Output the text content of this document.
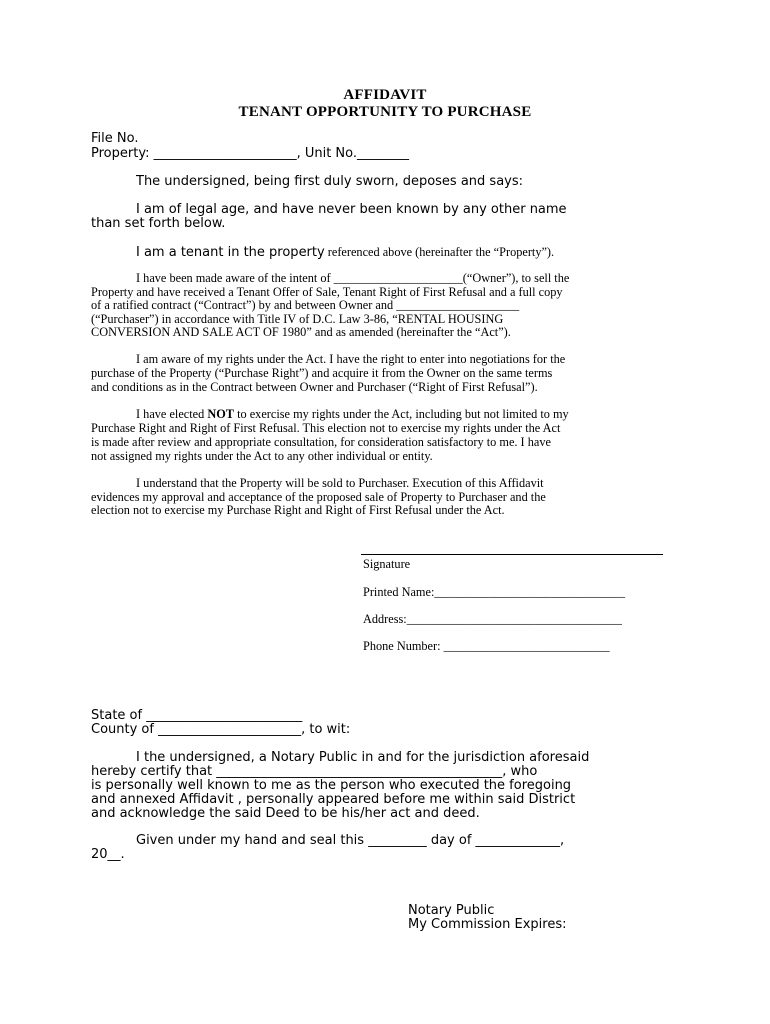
AFFIDAVIT
TENANT OPPORTUNITY TO PURCHASE
File No.
Property: ______________________, Unit No.________
The undersigned, being first duly sworn, deposes and says:
I am of legal age, and have never been known by any other name
than set forth below.
I am a tenant in the property referenced above (hereinafter the “Property”).
I have been made aware of the intent of _____________________(“Owner”), to sell the
Property and have received a Tenant Offer of Sale, Tenant Right of First Refusal and a full copy
of a ratified contract (“Contract”) by and between Owner and ____________________
(“Purchaser”) in accordance with Title IV of D.C. Law 3-86, “RENTAL HOUSING
CONVERSION AND SALE ACT OF 1980” and as amended (hereinafter the “Act”).
I am aware of my rights under the Act. I have the right to enter into negotiations for the
purchase of the Property (“Purchase Right”) and acquire it from the Owner on the same terms
and conditions as in the Contract between Owner and Purchaser (“Right of First Refusal”).
I have elected NOT to exercise my rights under the Act, including but not limited to my
Purchase Right and Right of First Refusal. This election not to exercise my rights under the Act
is made after review and appropriate consultation, for consideration satisfactory to me. I have
not assigned my rights under the Act to any other individual or entity.
I understand that the Property will be sold to Purchaser. Execution of this Affidavit
evidences my approval and acceptance of the proposed sale of Property to Purchaser and the
election not to exercise my Purchase Right and Right of First Refusal under the Act.
Signature
Printed Name:_______________________________
Address:___________________________________
Phone Number: ___________________________
State of ________________________
County of ______________________, to wit:
I the undersigned, a Notary Public in and for the jurisdiction aforesaid
hereby certify that ____________________________________________, who
is personally well known to me as the person who executed the foregoing
and annexed Affidavit , personally appeared before me within said District
and acknowledge the said Deed to be his/her act and deed.
Given under my hand and seal this _________ day of _____________,
20__.
Notary Public
My Commission Expires:
